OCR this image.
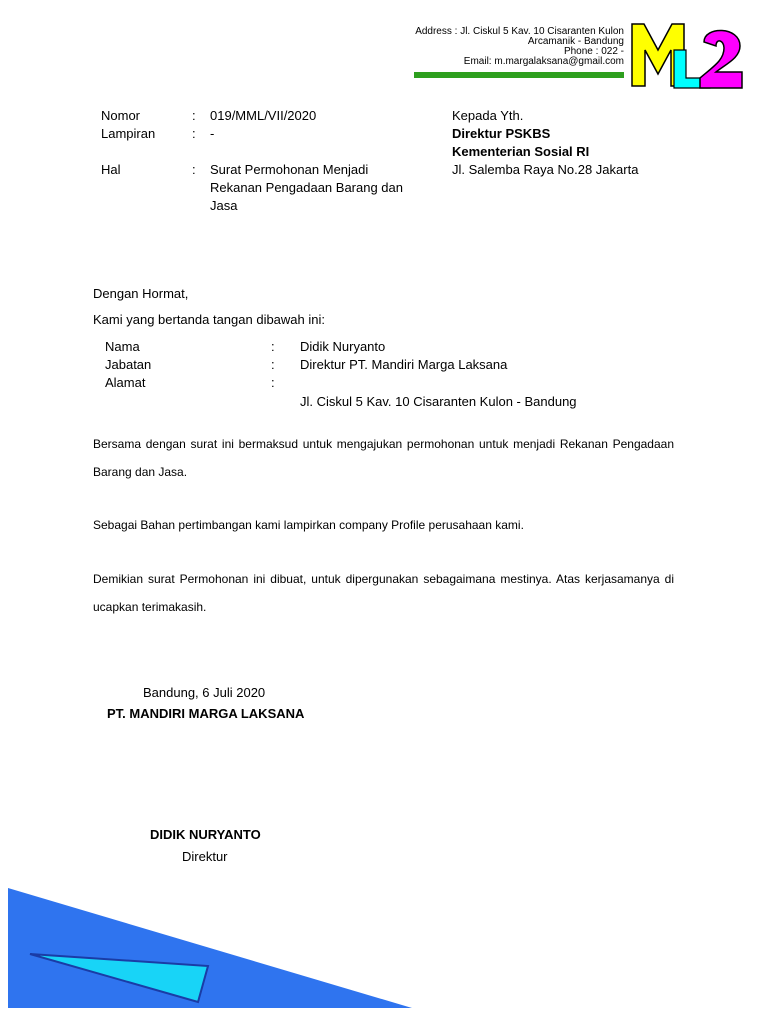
Address : Jl. Ciskul 5 Kav. 10 Cisaranten Kulon
Arcamanik - Bandung
Phone : 022 -
Email: m.margalaksana@gmail.com
Nomor	: 019/MML/VII/2020
Lampiran	: -
Hal	: Surat Permohonan Menjadi
Rekanan Pengadaan Barang dan
Jasa
Kepada Yth.
Direktur PSKBS
Kementerian Sosial RI
Jl. Salemba Raya No.28 Jakarta
Dengan Hormat,
Kami yang bertanda tangan dibawah ini:
Nama	: Didik Nuryanto
Jabatan	: Direktur PT. Mandiri Marga Laksana
Alamat	:
Jl. Ciskul 5 Kav. 10 Cisaranten Kulon - Bandung
Bersama dengan surat ini bermaksud untuk mengajukan permohonan untuk menjadi Rekanan Pengadaan Barang dan Jasa.
Sebagai Bahan pertimbangan kami lampirkan company Profile perusahaan kami.
Demikian surat Permohonan ini dibuat, untuk dipergunakan sebagaimana mestinya. Atas kerjasamanya di ucapkan terimakasih.
Bandung, 6 Juli 2020
PT. MANDIRI MARGA LAKSANA
DIDIK NURYANTO
Direktur
